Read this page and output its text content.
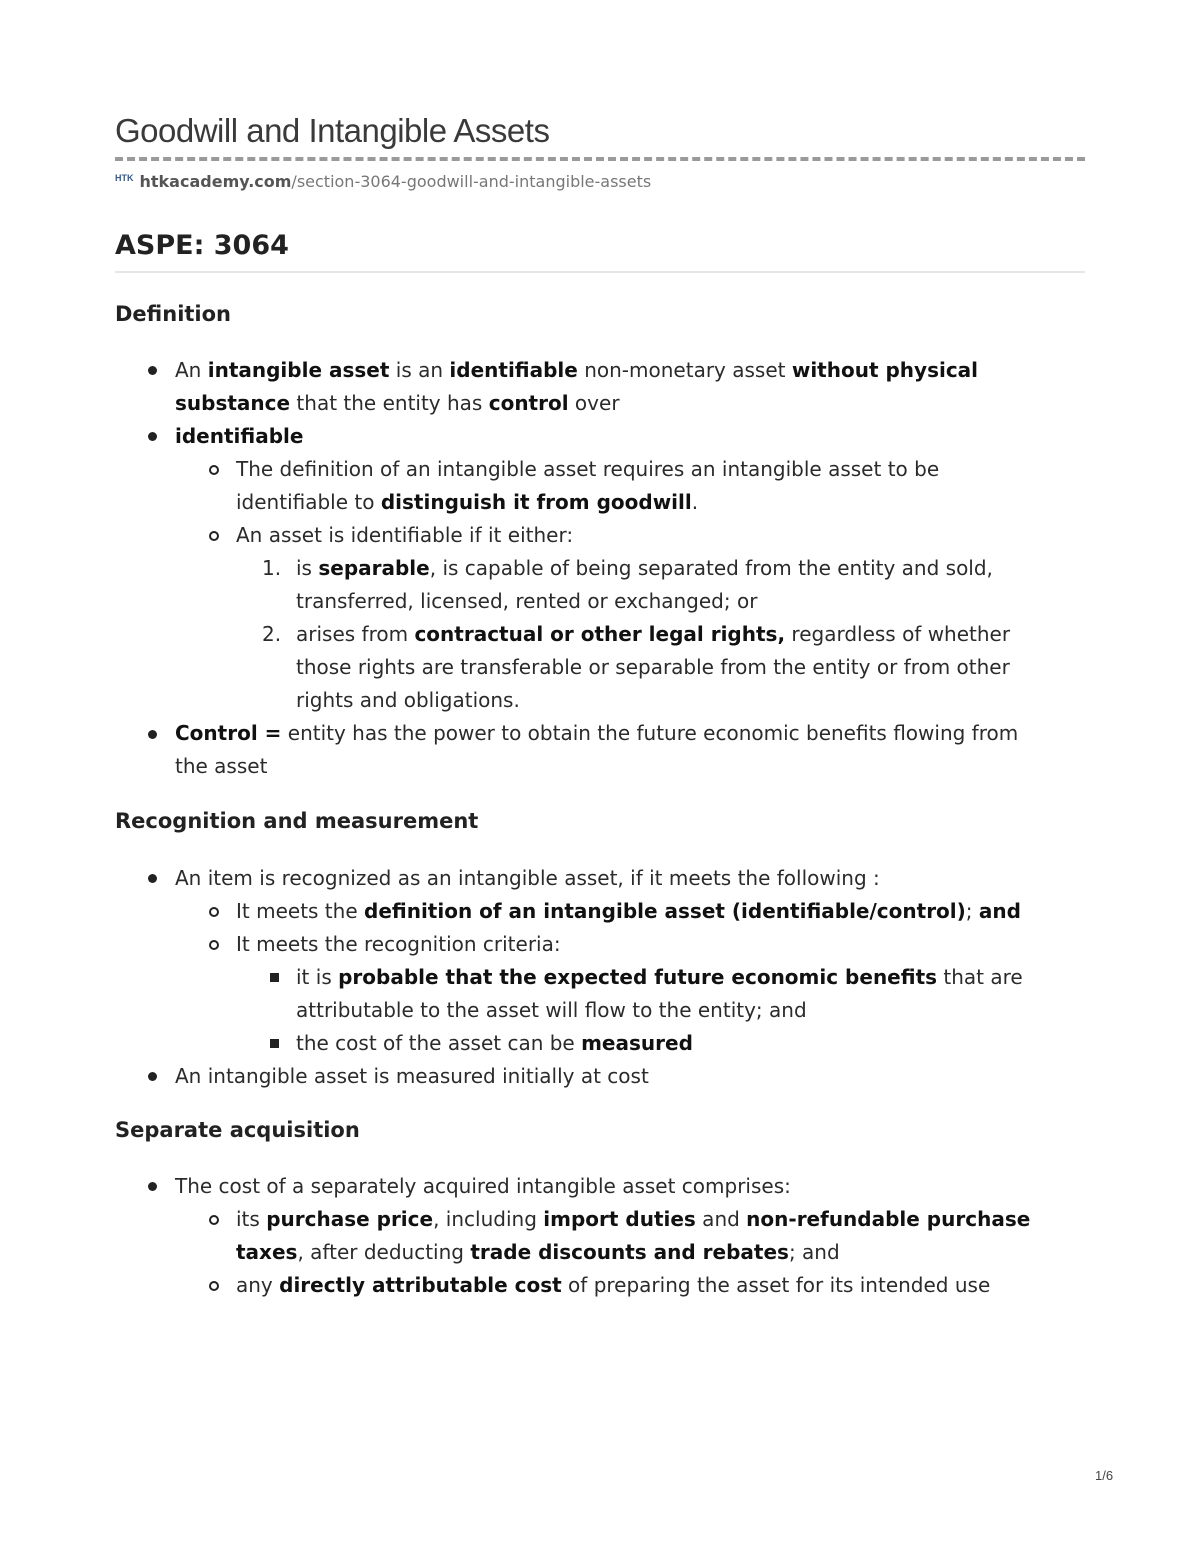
Goodwill and Intangible Assets
$^{HTK}$ htkacademy.com/section-3064-goodwill-and-intangible-assets
ASPE: 3064
Definition
An intangible asset is an identifiable non-monetary asset without physical
substance that the entity has control over
identifiable
The definition of an intangible asset requires an intangible asset to be
identifiable to distinguish it from goodwill.
An asset is identifiable if it either:
1. is separable, is capable of being separated from the entity and sold,
transferred, licensed, rented or exchanged; or
2. arises from contractual or other legal rights, regardless of whether
those rights are transferable or separable from the entity or from other
rights and obligations.
Control = entity has the power to obtain the future economic benefits flowing from
the asset
Recognition and measurement
An item is recognized as an intangible asset, if it meets the following :
It meets the definition of an intangible asset (identifiable/control); and
It meets the recognition criteria:
it is probable that the expected future economic benefits that are
attributable to the asset will flow to the entity; and
the cost of the asset can be measured
An intangible asset is measured initially at cost
Separate acquisition
The cost of a separately acquired intangible asset comprises:
its purchase price, including import duties and non-refundable purchase
taxes, after deducting trade discounts and rebates; and
any directly attributable cost of preparing the asset for its intended use
1/6
